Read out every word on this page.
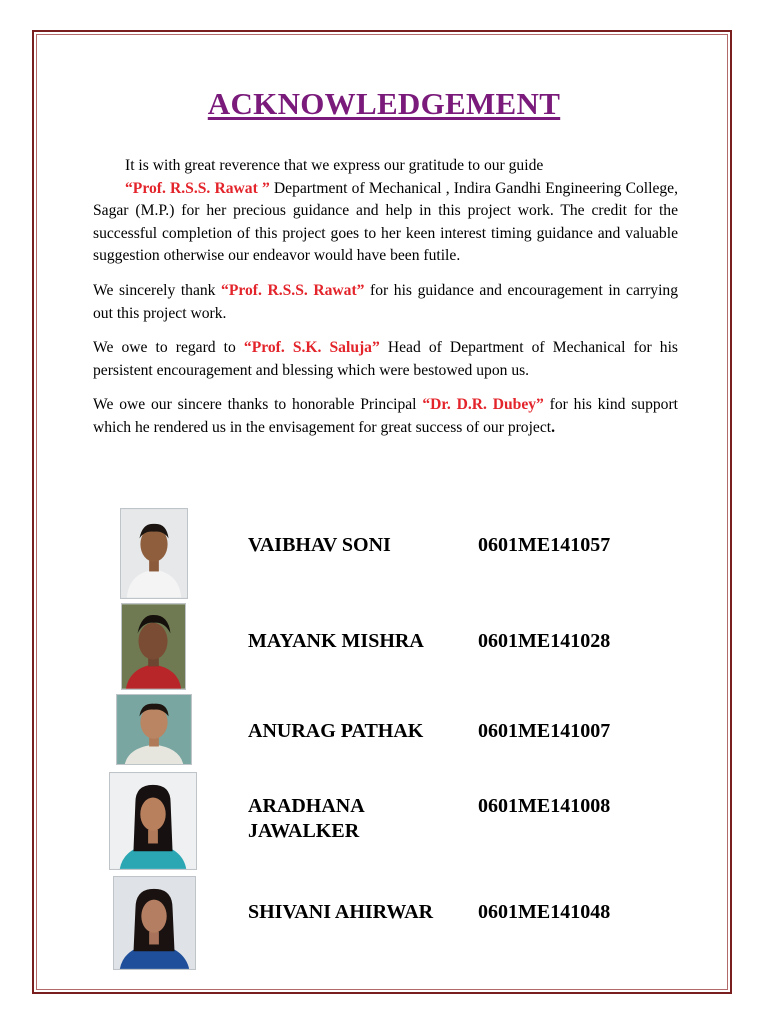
ACKNOWLEDGEMENT

It is with great reverence that we express our gratitude to our guide

“Prof. R.S.S. Rawat ” Department of Mechanical , Indira Gandhi Engineering College, Sagar (M.P.) for her precious guidance and help in this project work. The credit for the successful completion of this project goes to her keen interest timing guidance and valuable suggestion otherwise our endeavor would have been futile.

We sincerely thank “Prof. R.S.S. Rawat” for his guidance and encouragement in carrying out this project work.

We owe to regard to “Prof. S.K. Saluja” Head of Department of Mechanical for his persistent encouragement and blessing which were bestowed upon us.

We owe our sincere thanks to honorable Principal “Dr. D.R. Dubey” for his kind support which he rendered us in the envisagement for great success of our project.

VAIBHAV SONI	0601ME141057
MAYANK MISHRA	0601ME141028
ANURAG PATHAK	0601ME141007
ARADHANA JAWALKER
0601ME141008
SHIVANI AHIRWAR	0601ME141048
